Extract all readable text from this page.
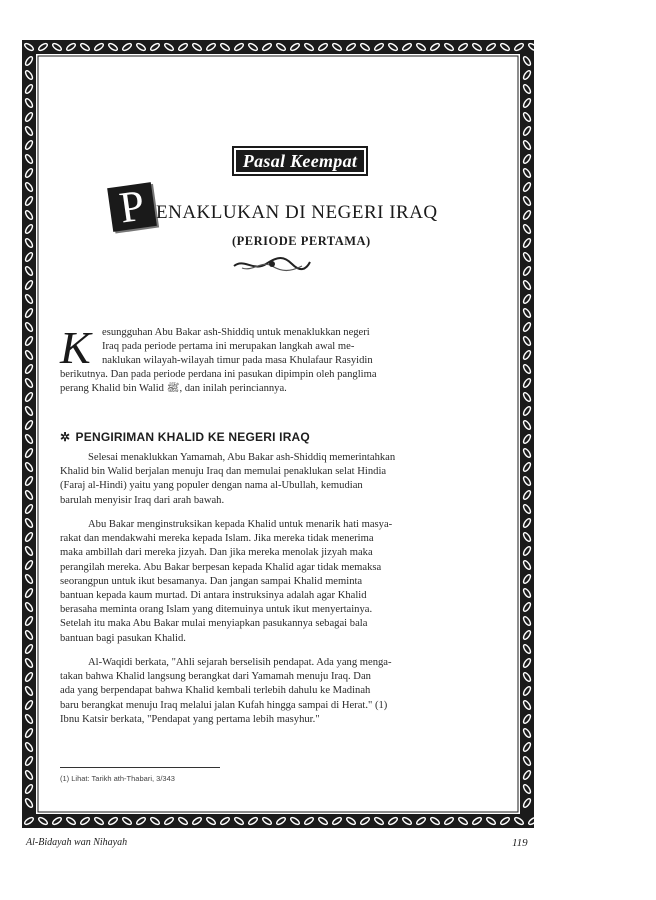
Pasal Keempat
P ENAKLUKAN DI NEGERI IRAQ
(PERIODE PERTAMA)
K esungguhan Abu Bakar ash-Shiddiq untuk menaklukkan negeri
Iraq pada periode pertama ini merupakan langkah awal me-
naklukan wilayah-wilayah timur pada masa Khulafaur Rasyidin
berikutnya. Dan pada periode perdana ini pasukan dipimpin oleh panglima
perang Khalid bin Walid ﷺ, dan inilah perinciannya.
✲ PENGIRIMAN KHALID KE NEGERI IRAQ
Selesai menaklukkan Yamamah, Abu Bakar ash-Shiddiq memerintahkan
Khalid bin Walid berjalan menuju Iraq dan memulai penaklukan selat Hindia
(Faraj al-Hindi) yaitu yang populer dengan nama al-Ubullah, kemudian
barulah menyisir Iraq dari arah bawah.
Abu Bakar menginstruksikan kepada Khalid untuk menarik hati masya-
rakat dan mendakwahi mereka kepada Islam. Jika mereka tidak menerima
maka ambillah dari mereka jizyah. Dan jika mereka menolak jizyah maka
perangilah mereka. Abu Bakar berpesan kepada Khalid agar tidak memaksa
seorangpun untuk ikut besamanya. Dan jangan sampai Khalid meminta
bantuan kepada kaum murtad. Di antara instruksinya adalah agar Khalid
berasaha meminta orang Islam yang ditemuinya untuk ikut menyertainya.
Setelah itu maka Abu Bakar mulai menyiapkan pasukannya sebagai bala
bantuan bagi pasukan Khalid.
Al-Waqidi berkata, "Ahli sejarah berselisih pendapat. Ada yang menga-
takan bahwa Khalid langsung berangkat dari Yamamah menuju Iraq. Dan
ada yang berpendapat bahwa Khalid kembali terlebih dahulu ke Madinah
baru berangkat menuju Iraq melalui jalan Kufah hingga sampai di Herat." (1)
Ibnu Katsir berkata, "Pendapat yang pertama lebih masyhur."
(1) Lihat: Tarikh ath-Thabari, 3/343
Al-Bidayah wan Nihayah	119
